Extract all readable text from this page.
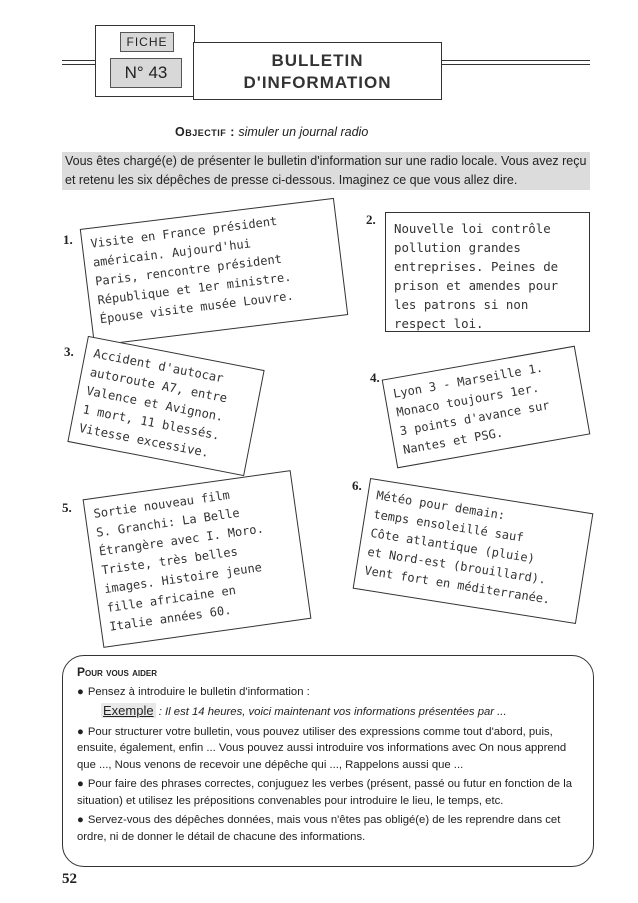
FICHE
N° 43
BULLETIN
D'INFORMATION
Objectif : simuler un journal radio
Vous êtes chargé(e) de présenter le bulletin d'information sur une radio locale. Vous avez reçu et retenu les six dépêches de presse ci-dessous. Imaginez ce que vous allez dire.
1.	Visite en France président
américain. Aujourd'hui
Paris, rencontre président
République et 1er ministre.
Épouse visite musée Louvre.
2.
Nouvelle loi contrôle
pollution grandes
entreprises. Peines de
prison et amendes pour
les patrons si non
respect loi.
3.	Accident d'autocar
autoroute A7, entre
Valence et Avignon.
1 mort, 11 blessés.
Vitesse excessive.
4.	Lyon 3 - Marseille 1.
Monaco toujours 1er.
3 points d'avance sur
Nantes et PSG.
5.	Sortie nouveau film
S. Granchi: La Belle
Étrangère avec I. Moro.
Triste, très belles
images. Histoire jeune
fille africaine en
Italie années 60.
6.
Météo pour demain:
temps ensoleillé sauf
Côte atlantique (pluie)
et Nord-est (brouillard).
Vent fort en méditerranée.
Pour vous aider

● Pensez à introduire le bulletin d'information :

Exemple : Il est 14 heures, voici maintenant vos informations présentées par ...

● Pour structurer votre bulletin, vous pouvez utiliser des expressions comme tout d'abord, puis, ensuite, également, enfin ... Vous pouvez aussi introduire vos informations avec On nous apprend que ..., Nous venons de recevoir une dépêche qui ..., Rappelons aussi que ...

● Pour faire des phrases correctes, conjuguez les verbes (présent, passé ou futur en fonction de la situation) et utilisez les prépositions convenables pour introduire le lieu, le temps, etc.

● Servez-vous des dépêches données, mais vous n'êtes pas obligé(e) de les reprendre dans cet ordre, ni de donner le détail de chacune des informations.

52
